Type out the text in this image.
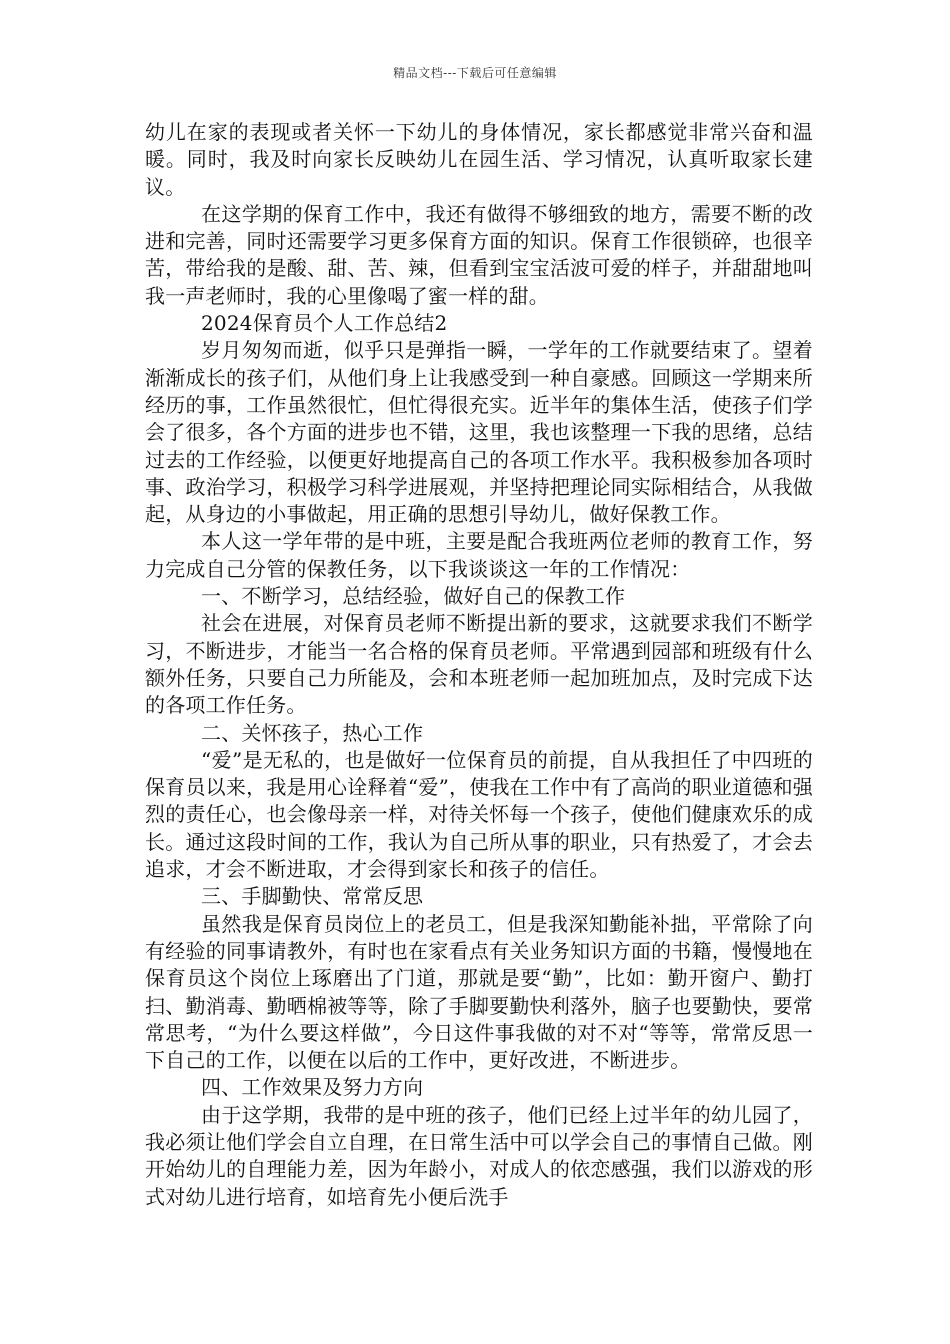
精品文档---下载后可任意编辑

幼儿在家的表现或者关怀一下幼儿的身体情况，家长都感觉非常兴奋和温暖。同时，我及时向家长反映幼儿在园生活、学习情况，认真听取家长建议。

在这学期的保育工作中，我还有做得不够细致的地方，需要不断的改进和完善，同时还需要学习更多保育方面的知识。保育工作很锁碎，也很辛苦，带给我的是酸、甜、苦、辣，但看到宝宝活波可爱的样子，并甜甜地叫我一声老师时，我的心里像喝了蜜一样的甜。

2024保育员个人工作总结2

岁月匆匆而逝，似乎只是弹指一瞬，一学年的工作就要结束了。望着渐渐成长的孩子们，从他们身上让我感受到一种自豪感。回顾这一学期来所经历的事，工作虽然很忙，但忙得很充实。近半年的集体生活，使孩子们学会了很多，各个方面的进步也不错，这里，我也该整理一下我的思绪，总结过去的工作经验，以便更好地提高自己的各项工作水平。我积极参加各项时事、政治学习，积极学习科学进展观，并坚持把理论同实际相结合，从我做起，从身边的小事做起，用正确的思想引导幼儿，做好保教工作。

本人这一学年带的是中班，主要是配合我班两位老师的教育工作，努力完成自己分管的保教任务，以下我谈谈这一年的工作情况：

一、不断学习，总结经验，做好自己的保教工作

社会在进展，对保育员老师不断提出新的要求，这就要求我们不断学习，不断进步，才能当一名合格的保育员老师。平常遇到园部和班级有什么额外任务，只要自己力所能及，会和本班老师一起加班加点，及时完成下达的各项工作任务。

二、关怀孩子，热心工作

“爱”是无私的，也是做好一位保育员的前提，自从我担任了中四班的保育员以来，我是用心诠释着“爱”，使我在工作中有了高尚的职业道德和强烈的责任心，也会像母亲一样，对待关怀每一个孩子，使他们健康欢乐的成长。通过这段时间的工作，我认为自己所从事的职业，只有热爱了，才会去追求，才会不断进取，才会得到家长和孩子的信任。

三、手脚勤快、常常反思

虽然我是保育员岗位上的老员工，但是我深知勤能补拙，平常除了向有经验的同事请教外，有时也在家看点有关业务知识方面的书籍，慢慢地在保育员这个岗位上琢磨出了门道，那就是要“勤”，比如：勤开窗户、勤打扫、勤消毒、勤晒棉被等等，除了手脚要勤快利落外，脑子也要勤快，要常常思考，“为什么要这样做”，今日这件事我做的对不对“等等，常常反思一下自己的工作，以便在以后的工作中，更好改进，不断进步。

四、工作效果及努力方向

由于这学期，我带的是中班的孩子，他们已经上过半年的幼儿园了，我必须让他们学会自立自理，在日常生活中可以学会自己的事情自己做。刚开始幼儿的自理能力差，因为年龄小，对成人的依恋感强，我们以游戏的形式对幼儿进行培育，如培育先小便后洗手
